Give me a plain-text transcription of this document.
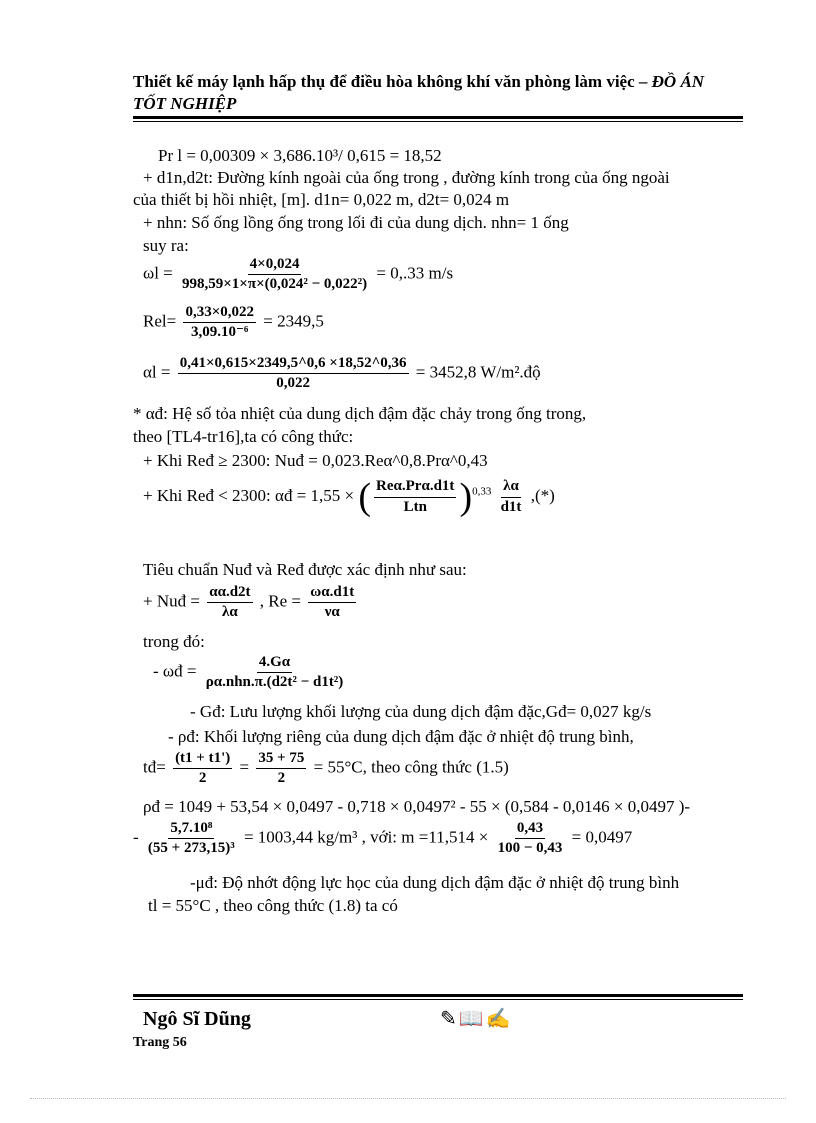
Thiết kế máy lạnh hấp thụ để điều hòa không khí văn phòng làm việc – ĐỒ ÁN
TỐT NGHIỆP
Pr l = 0,00309 × 3,686.10³/ 0,615 = 18,52
+ d1n,d2t: Đường kính ngoài của ống trong , đường kính trong của ống ngoài
của thiết bị hồi nhiệt, [m]. d1n= 0,022 m, d2t= 0,024 m
+ nhn: Số ống lồng ống trong lối đi của dung dịch. nhn= 1 ống
suy ra:
$\omega l = \frac{4\times 0,024}{\text{998,59×1×π×(0,024² − 0,022²)}} = 0,.33$ m/s
$Rel= \frac{0,33\times 0,022}{\text{3,09.10⁻⁶}} = 2349,5$
$\alpha l = \frac{0,41\times 0,615\times 2349,5\^{}0,6 \times 18,52\^{}0,36}{0,022} = 3452,8$ W/m².độ
* αđ: Hệ số tỏa nhiệt của dung dịch đậm đặc chảy trong ống trong,
theo [TL4-tr16],ta có công thức:
+ Khi Ređ ≥ 2300: Nuđ = 0,023.Reα^0,8.Prα^0,43
+ Khi Ređ < 2300: αđ = 1,55 × ( $\frac{\text{Reα.Prα.d1t}}{\text{Ltn}} )^{0,33} \frac{\lambda\alpha}{d1t}$ ,(*)
Tiêu chuẩn Nuđ và Ređ được xác định như sau:
+ Nuđ = $\frac{\alpha\alpha.d2t}{\lambda\alpha}$ , $Re = \frac{\omega\alpha.d1t}{\nu\alpha}$
trong đó:
- ωđ = $\frac{4.G\alpha}{\text{ρα.nhn.π.(d2t² − d1t²)}}$
- Gđ: Lưu lượng khối lượng của dung dịch đậm đặc,Gđ= 0,027 kg/s
- ρđ: Khối lượng riêng của dung dịch đậm đặc ở nhiệt độ trung bình,
tđ= $\frac{(t1 + t1')}{2} = \frac{35 + 75}{2} = 55^\circ C$, theo công thức (1.5)
ρđ = 1049 + 53,54 × 0,0497 - 0,718 × 0,0497² - 55 × (0,584 - 0,0146 × 0,0497 )-
- $\frac{\text{5,7.10⁸}}{\text{(55 + 273,15)³}} = 1003,44$ kg/m³ , với: $m =11,514 \times \frac{0,43}{100 - 0,43} = 0,0497$
-μđ: Độ nhớt động lực học của dung dịch đậm đặc ở nhiệt độ trung bình
tl = 55°C , theo công thức (1.8) ta có
Ngô Sĩ Dũng	✎📖✍
Trang 56
